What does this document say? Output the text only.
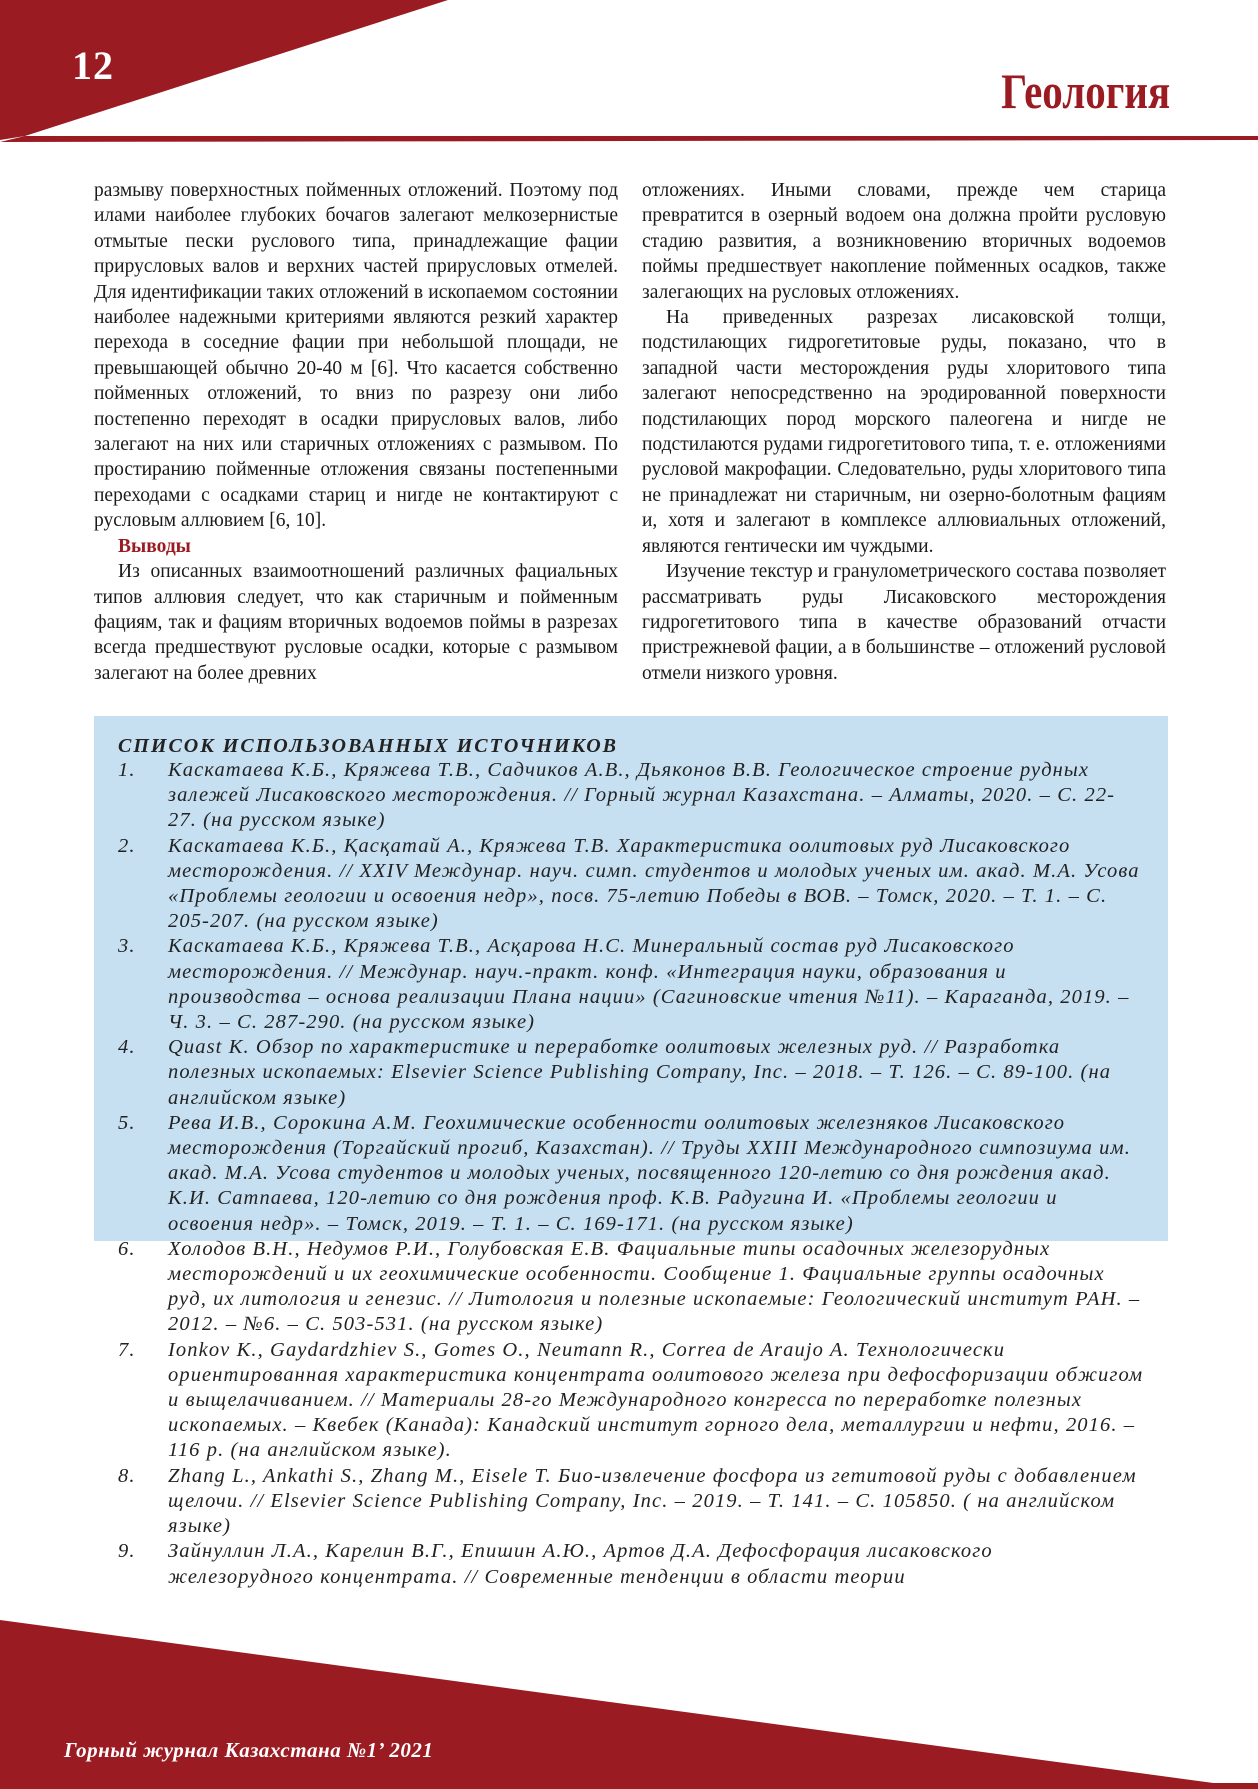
12	Геология

размыву поверхностных пойменных отложений. Поэтому под илами наиболее глубоких бочагов залегают мелкозернистые отмытые пески руслового типа, принадлежащие фации прирусловых валов и верхних частей прирусловых отмелей. Для идентификации таких отложений в ископаемом состоянии наиболее надежными критериями являются резкий характер перехода в соседние фации при небольшой площади, не превышающей обычно 20-40 м [6]. Что касается собственно пойменных отложений, то вниз по разрезу они либо постепенно переходят в осадки прирусловых валов, либо залегают на них или старичных отложениях с размывом. По простиранию пойменные отложения связаны постепенными переходами с осадками стариц и нигде не контактируют с русловым аллювием [6, 10].

Выводы

Из описанных взаимоотношений различных фациальных типов аллювия следует, что как старичным и пойменным фациям, так и фациям вторичных водоемов поймы в разрезах всегда предшествуют русловые осадки, которые с размывом залегают на более древних

отложениях. Иными словами, прежде чем старица превратится в озерный водоем она должна пройти русловую стадию развития, а возникновению вторичных водоемов поймы предшествует накопление пойменных осадков, также залегающих на русловых отложениях.

На приведенных разрезах лисаковской толщи, подстилающих гидрогетитовые руды, показано, что в западной части месторождения руды хлоритового типа залегают непосредственно на эродированной поверхности подстилающих пород морского палеогена и нигде не подстилаются рудами гидрогетитового типа, т. е. отложениями русловой макрофации. Следовательно, руды хлоритового типа не принадлежат ни старичным, ни озерно-болотным фациям и, хотя и залегают в комплексе аллювиальных отложений, являются гентически им чуждыми.

Изучение текстур и гранулометрического состава позволяет рассматривать руды Лисаковского месторождения гидрогетитового типа в качестве образований отчасти пристрежневой фации, а в большинстве – отложений русловой отмели низкого уровня.

СПИСОК ИСПОЛЬЗОВАННЫХ ИСТОЧНИКОВ
1.	Каскатаева К.Б., Кряжева Т.В., Садчиков А.В., Дьяконов В.В. Геологическое строение рудных залежей Лисаковского месторождения. // Горный журнал Казахстана. – Алматы, 2020. – С. 22-27. (на русском языке)
2.	Каскатаева К.Б., Қасқатай А., Кряжева Т.В. Характеристика оолитовых руд Лисаковского месторождения. // XXIV Междунар. науч. симп. студентов и молодых ученых им. акад. М.А. Усова «Проблемы геологии и освоения недр», посв. 75-летию Победы в ВОВ. – Томск, 2020. – Т. 1. – С. 205-207. (на русском языке)
3.	Каскатаева К.Б., Кряжева Т.В., Асқарова Н.С. Минеральный состав руд Лисаковского месторождения. // Междунар. науч.-практ. конф. «Интеграция науки, образования и производства – основа реализации Плана нации» (Сагиновские чтения №11). – Караганда, 2019. – Ч. 3. – С. 287-290. (на русском языке)
4.	Quast K. Обзор по характеристике и переработке оолитовых железных руд. // Разработка полезных ископаемых: Elsevier Science Publishing Company, Inc. – 2018. – Т. 126. – С. 89-100. (на английском языке)
5.	Рева И.В., Сорокина А.М. Геохимические особенности оолитовых железняков Лисаковского месторождения (Торгайский прогиб, Казахстан). // Труды XXIII Международного симпозиума им. акад. М.А. Усова студентов и молодых ученых, посвященного 120-летию со дня рождения акад. К.И. Сатпаева, 120-летию со дня рождения проф. К.В. Радугина И. «Проблемы геологии и освоения недр». – Томск, 2019. – Т. 1. – С. 169-171. (на русском языке)
6.	Холодов В.Н., Недумов Р.И., Голубовская Е.В. Фациальные типы осадочных железорудных месторождений и их геохимические особенности. Сообщение 1. Фациальные группы осадочных руд, их литология и генезис. // Литология и полезные ископаемые: Геологический институт РАН. – 2012. – №6. – С. 503-531. (на русском языке)
7.	Ionkov K., Gaydardzhiev S., Gomes O., Neumann R., Correa de Araujo A. Технологически ориентированная характеристика концентрата оолитового железа при дефосфоризации обжигом и выщелачиванием. // Материалы 28-го Международного конгресса по переработке полезных ископаемых. – Квебек (Канада): Канадский институт горного дела, металлургии и нефти, 2016. – 116 p. (на английском языке).
8.	Zhang L., Ankathi S., Zhang M., Eisele T. Био-извлечение фосфора из гетитовой руды с добавлением щелочи. // Elsevier Science Publishing Company, Inc. – 2019. – Т. 141. – С. 105850. ( на английском языке)
9.	Зайнуллин Л.А., Карелин В.Г., Епишин А.Ю., Артов Д.А. Дефосфорация лисаковского железорудного концентрата. // Современные тенденции в области теории

Горный журнал Казахстана №1’ 2021
